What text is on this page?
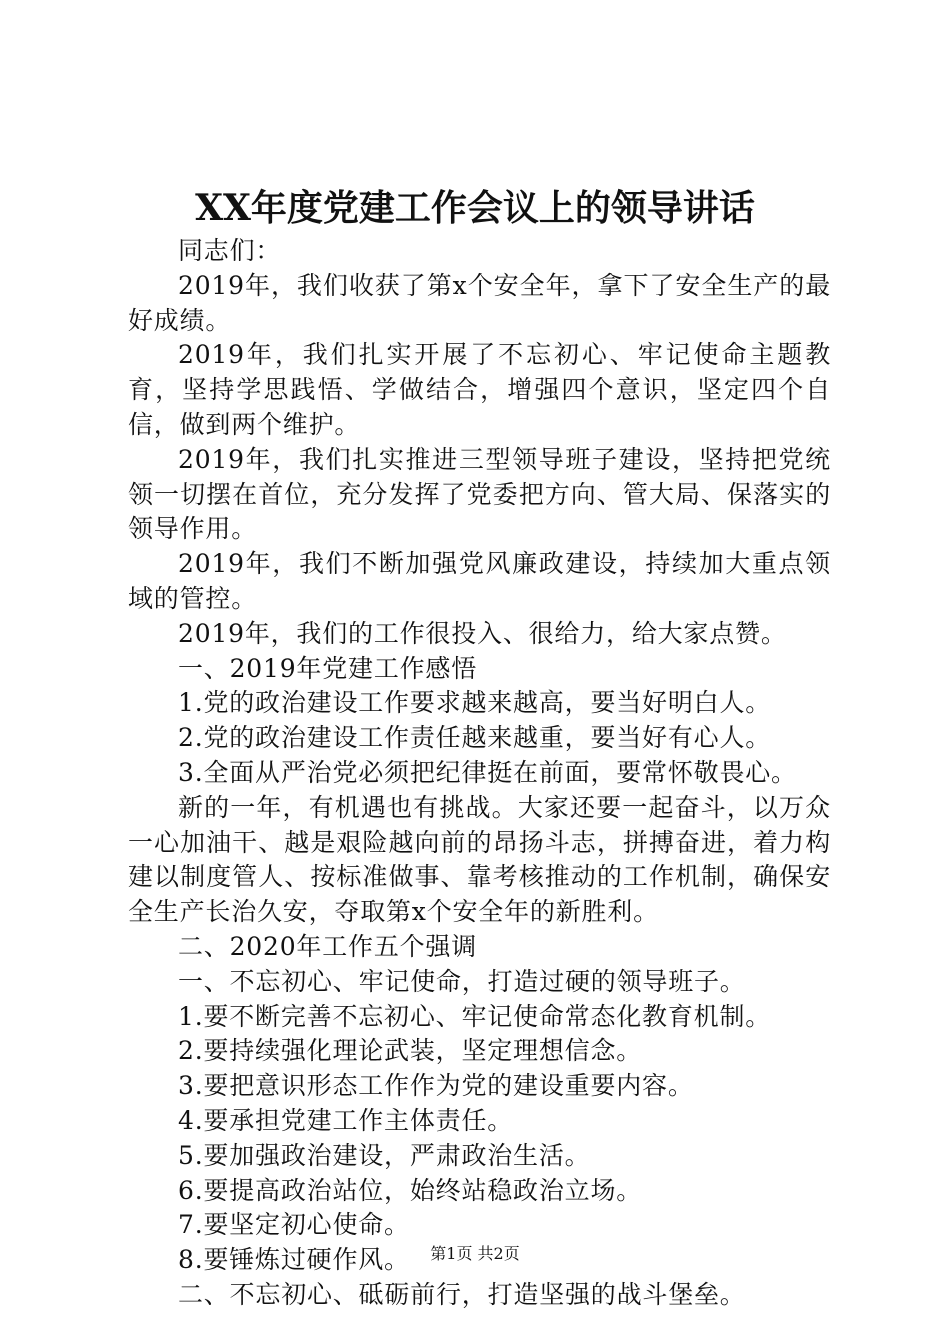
XX年度党建工作会议上的领导讲话

同志们：

2019年，我们收获了第x个安全年，拿下了安全生产的最好成绩。

2019年，我们扎实开展了不忘初心、牢记使命主题教育，坚持学思践悟、学做结合，增强四个意识，坚定四个自信，做到两个维护。

2019年，我们扎实推进三型领导班子建设，坚持把党统领一切摆在首位，充分发挥了党委把方向、管大局、保落实的领导作用。

2019年，我们不断加强党风廉政建设，持续加大重点领域的管控。

2019年，我们的工作很投入、很给力，给大家点赞。

一、2019年党建工作感悟

1.党的政治建设工作要求越来越高，要当好明白人。

2.党的政治建设工作责任越来越重，要当好有心人。

3.全面从严治党必须把纪律挺在前面，要常怀敬畏心。

新的一年，有机遇也有挑战。大家还要一起奋斗，以万众一心加油干、越是艰险越向前的昂扬斗志，拼搏奋进，着力构建以制度管人、按标准做事、靠考核推动的工作机制，确保安全生产长治久安，夺取第x个安全年的新胜利。

二、2020年工作五个强调

一、不忘初心、牢记使命，打造过硬的领导班子。

1.要不断完善不忘初心、牢记使命常态化教育机制。

2.要持续强化理论武装，坚定理想信念。

3.要把意识形态工作作为党的建设重要内容。

4.要承担党建工作主体责任。

5.要加强政治建设，严肃政治生活。

6.要提高政治站位，始终站稳政治立场。

7.要坚定初心使命。

8.要锤炼过硬作风。

二、不忘初心、砥砺前行，打造坚强的战斗堡垒。

第1页 共2页
